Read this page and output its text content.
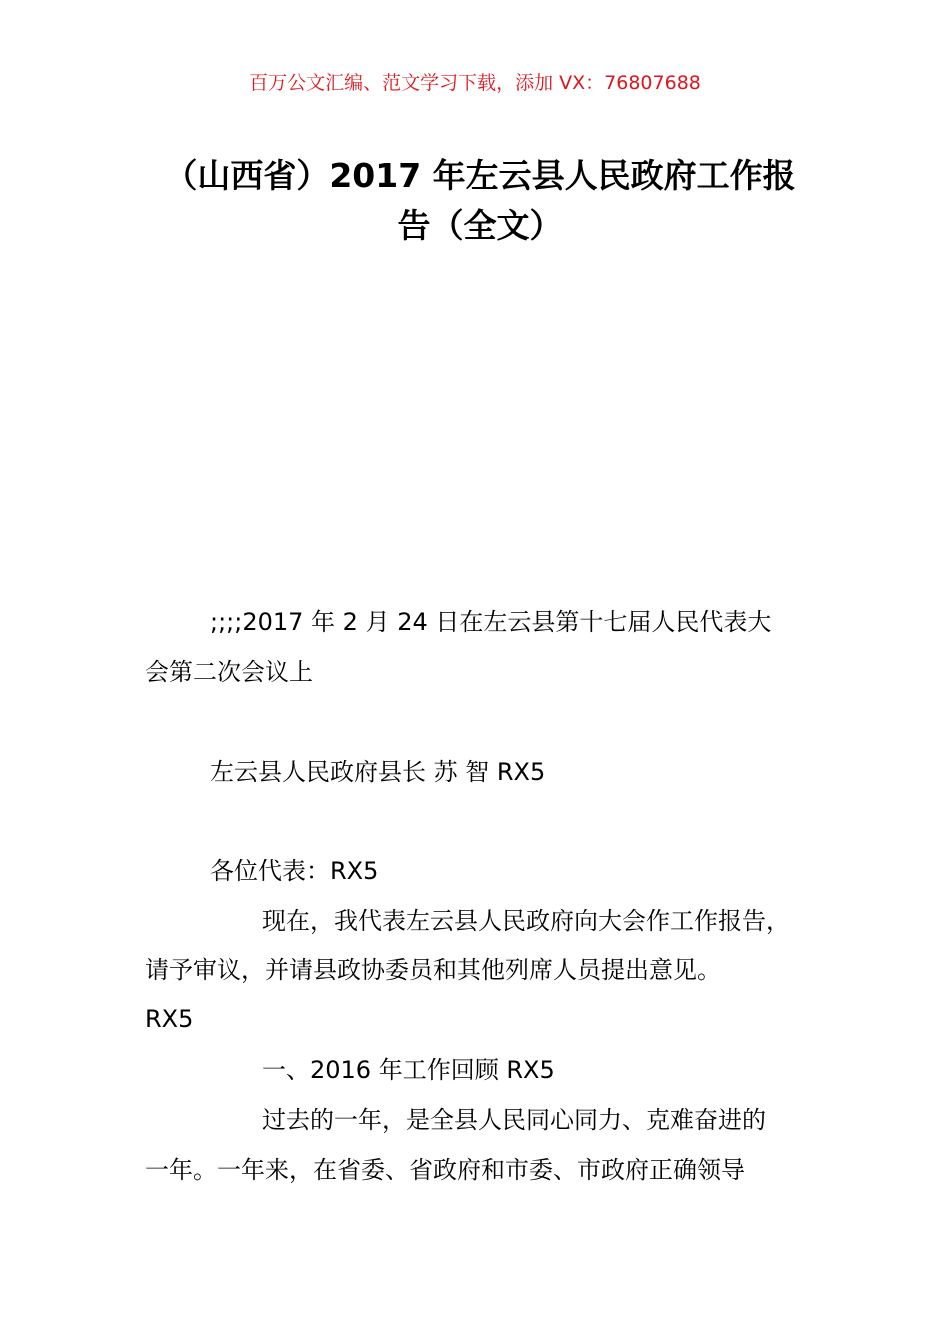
百万公文汇编、范文学习下载，添加 VX：76807688
（山西省）2017 年左云县人民政府工作报
告（全文）
;;;;2017 年 2 月 24 日在左云县第十七届人民代表大
会第二次会议上
左云县人民政府县长 苏 智 RX5
各位代表：RX5
现在，我代表左云县人民政府向大会作工作报告，
请予审议，并请县政协委员和其他列席人员提出意见。
RX5
一、2016 年工作回顾 RX5
过去的一年，是全县人民同心同力、克难奋进的
一年。一年来，在省委、省政府和市委、市政府正确领导
